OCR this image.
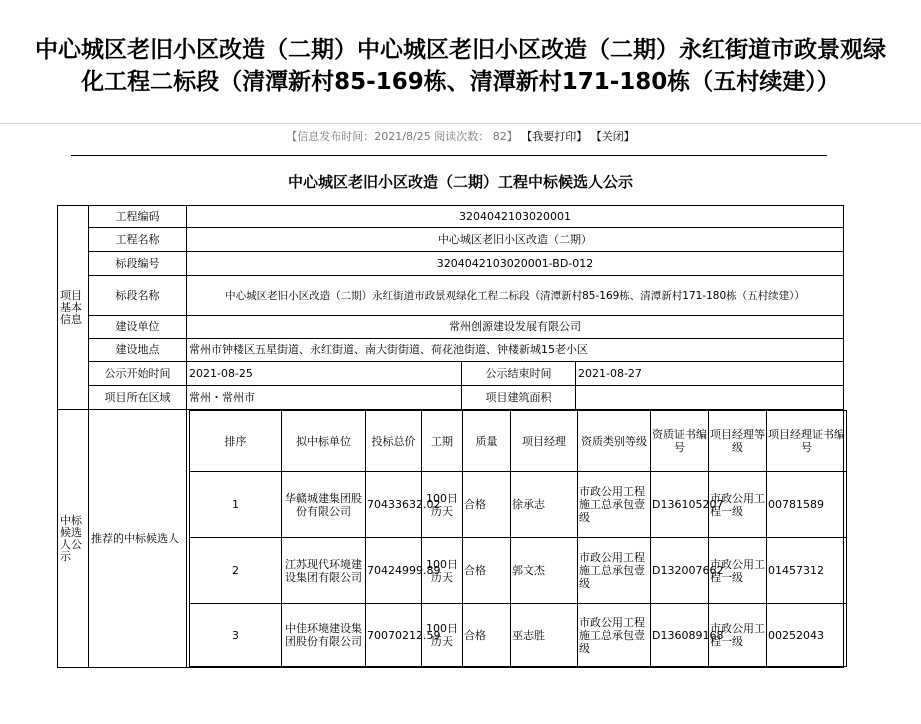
中心城区老旧小区改造（二期）中心城区老旧小区改造（二期）永红街道市政景观绿
化工程二标段（清潭新村85-169栋、清潭新村171-180栋（五村续建））
【信息发布时间：2021/8/25 阅读次数： 82】 【我要打印】 【关闭】
中心城区老旧小区改造（二期）工程中标候选人公示
项目基本信息	工程编码	3204042103020001
工程名称	中心城区老旧小区改造（二期）
标段编号	3204042103020001-BD-012
标段名称	中心城区老旧小区改造（二期）永红街道市政景观绿化工程二标段（清潭新村85-169栋、清潭新村171-180栋（五村续建））
建设单位	常州创源建设发展有限公司
建设地点	常州市钟楼区五星街道、永红街道、南大街街道、荷花池街道、钟楼新城15老小区
公示开始时间	2021-08-25	公示结束时间	2021-08-27
项目所在区域	常州・常州市	项目建筑面积	
中标候选人公示	推荐的中标候选人	
排序	拟中标单位	投标总价	工期	质量	项目经理	资质类别等级	资质证书编号	项目经理等级	项目经理证书编号
1	华赣城建集团股份有限公司	70433632.02	100日历天	合格	徐承志	市政公用工程施工总承包壹级	D136105207	市政公用工程一级	00781589
2	江苏现代环境建设集团有限公司	70424999.89	100日历天	合格	郭文杰	市政公用工程施工总承包壹级	D132007662	市政公用工程一级	01457312
3	中佳环境建设集团股份有限公司	70070212.59	100日历天	合格	巫志胜	市政公用工程施工总承包壹级	D136089168	市政公用工程一级	00252043
